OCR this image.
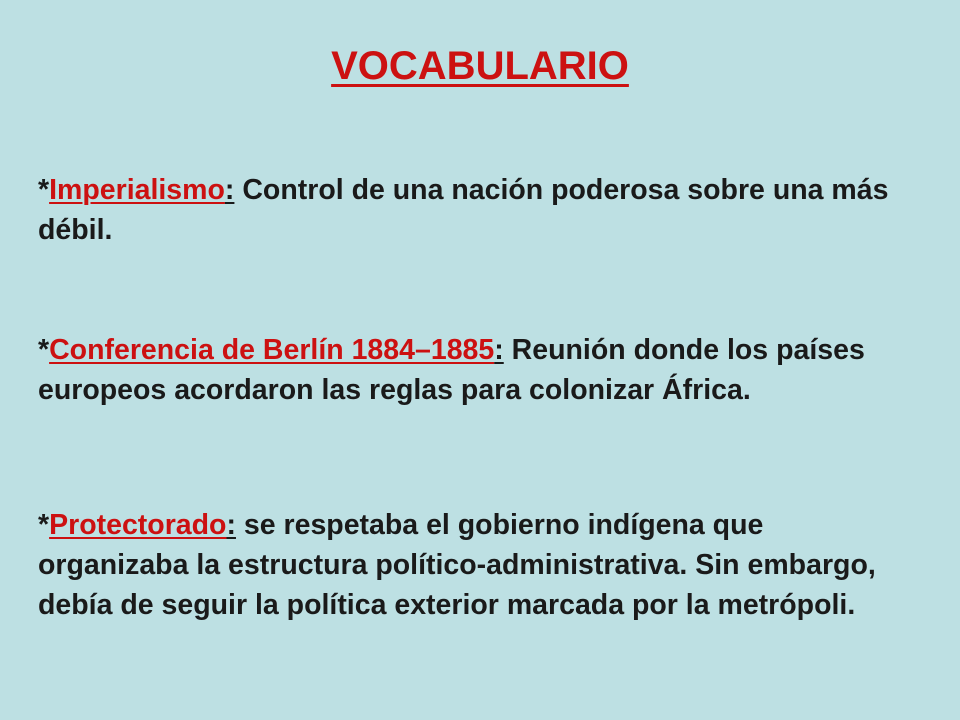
VOCABULARIO
*Imperialismo: Control de una nación poderosa sobre una más débil.
*Conferencia de Berlín 1884–1885: Reunión donde los países europeos acordaron las reglas para colonizar África.
*Protectorado: se respetaba el gobierno indígena que organizaba la estructura político-administrativa. Sin embargo, debía de seguir la política exterior marcada por la metrópoli.
